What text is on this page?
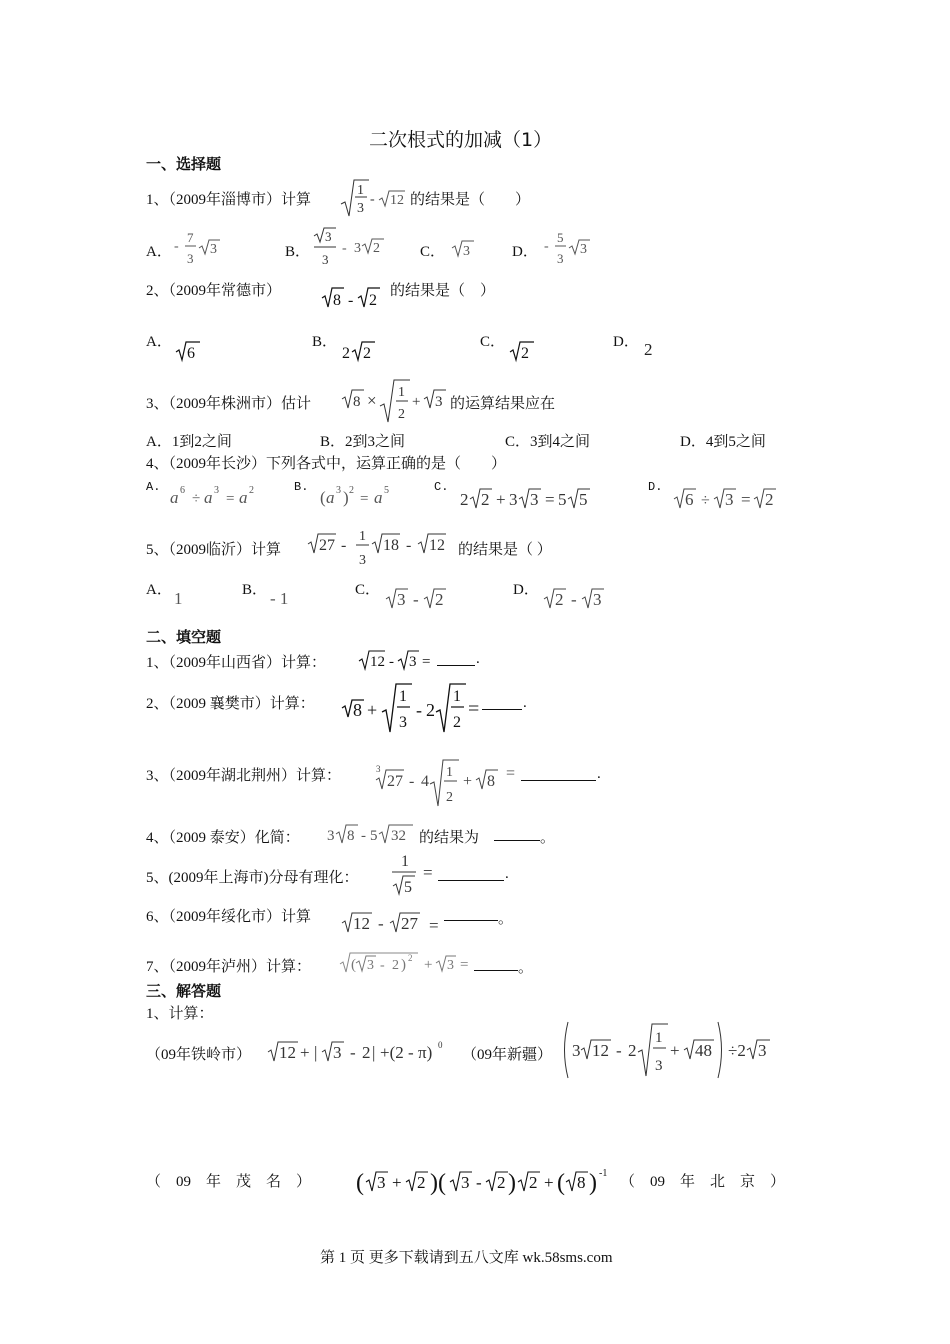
二次根式的加减（1）
一、选择题
1、（2009年淄博市）计算
1
3
- 12 的结果是（　　）
A． -
7
3
3	B．
3
3
- 3 2	C． 3	D． -
5
3
3
2、（2009年常德市）
8 - 2
的结果是（　）
A．
6
B．
2 2
C．
2
D． 2
3、（2009年株洲市）估计	8 × 1
2
+ 3 的运算结果应在
A．1到2之间	B．2到3之间	C．3到4之间	D．4到5之间
4、（2009年长沙）下列各式中，运算正确的是（　　）
A.
a 6
÷ a 3
= a 2	B.
( a 3 ) 2
= a 5	C.
2 2 + 3 3 = 5 5
D.
6 ÷ 3 = 2
5、（2009临沂）计算 27 -
1
3
18 - 12 的结果是（ ）
A． 1	B． - 1	C． 3 - 2	D． 2 - 3
二、填空题
1、（2009年山西省）计算：	12 - 3 =	.
2、（2009 襄樊市）计算： 8 +
1
3
- 2
1
2
=	.
3、（2009年湖北荆州）计算：	3
27 - 4
1
2
+ 8 =	.
4、（2009 泰安）化简： 3 8 - 5 32 的结果为	。
5、(2009年上海市)分母有理化：
1
5
=	.
6、（2009年绥化市）计算 12 - 27 =	。
7、（2009年泸州）计算：	( 3 - 2 ) 2 + 3 =	。
三、解答题
1、计算：
（09年铁岭市） 12 + | 3 - 2 | +(2 - π) 0
（09年新疆） 3 12 - 2
1
3
+ 48 ÷2 3
（　09　年　茂　名　） ( 3 + 2 )( 3 - 2 ) 2 + ( 8 ) -1
（　09　年　北　京　）
第 1 页 更多下载请到五八文库 wk.58sms.com
